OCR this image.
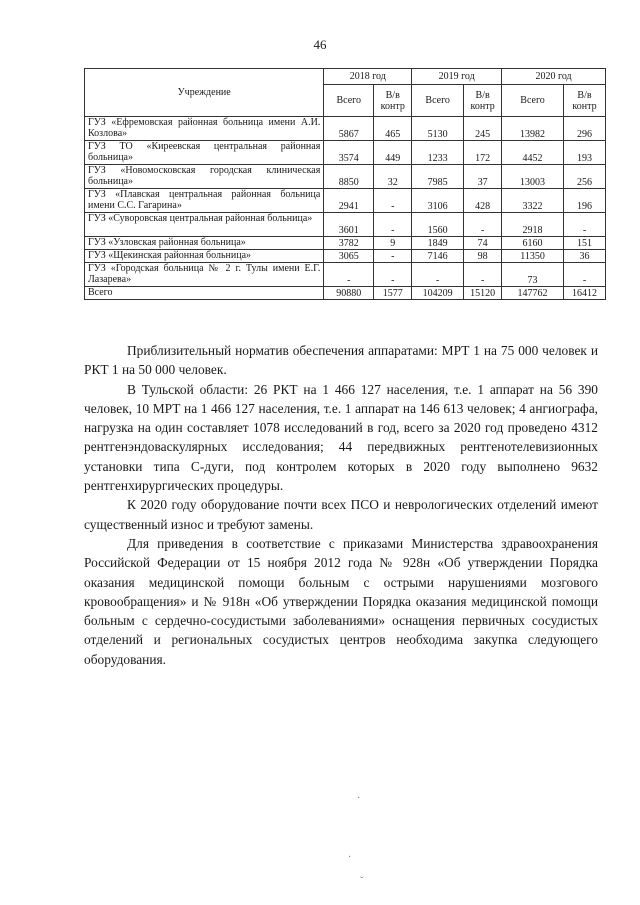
46
Учреждение	2018 год		2019 год		2020 год	
	Всего	В/в контр	Всего	В/в контр	Всего	В/в контр
ГУЗ «Ефремовская районная больница имени А.И. Козлова»	5867	465	5130	245	13982	296
ГУЗ ТО «Киреевская центральная районная больница»	3574	449	1233	172	4452	193
ГУЗ «Новомосковская городская клиническая больница»	8850	32	7985	37	13003	256
ГУЗ «Плавская центральная районная больница имени С.С. Гагарина»	2941	-	3106	428	3322	196
ГУЗ «Суворовская центральная районная больница»	3601	-	1560	-	2918	-
ГУЗ «Узловская районная больница»	3782	9	1849	74	6160	151
ГУЗ «Щекинская районная больница»	3065	-	7146	98	11350	36
ГУЗ «Городская больница № 2 г. Тулы имени Е.Г. Лазарева»	-	-	-	-	73	-
Всего	90880	1577	104209	15120	147762	16412

Приблизительный норматив обеспечения аппаратами: МРТ 1 на 75 000 человек и РКТ 1 на 50 000 человек.

В Тульской области: 26 РКТ на 1 466 127 населения, т.е. 1 аппарат на 56 390 человек, 10 МРТ на 1 466 127 населения, т.е. 1 аппарат на 146 613 человек; 4 ангиографа, нагрузка на один составляет 1078 исследований в год, всего за 2020 год проведено 4312 рентгенэндоваскулярных исследования; 44 передвижных рентгенотелевизионных установки типа С-дуги, под контролем которых в 2020 году выполнено 9632 рентгенхирургических процедуры.

К 2020 году оборудование почти всех ПСО и неврологических отделений имеют существенный износ и требуют замены.

Для приведения в соответствие с приказами Министерства здравоохранения Российской Федерации от 15 ноября 2012 года № 928н «Об утверждении Порядка оказания медицинской помощи больным с острыми нарушениями мозгового кровообращения» и № 918н «Об утверждении Порядка оказания медицинской помощи больным с сердечно-сосудистыми заболеваниями» оснащения первичных сосудистых отделений и региональных сосудистых центров необходима закупка следующего оборудования.

·
·
ˇ
